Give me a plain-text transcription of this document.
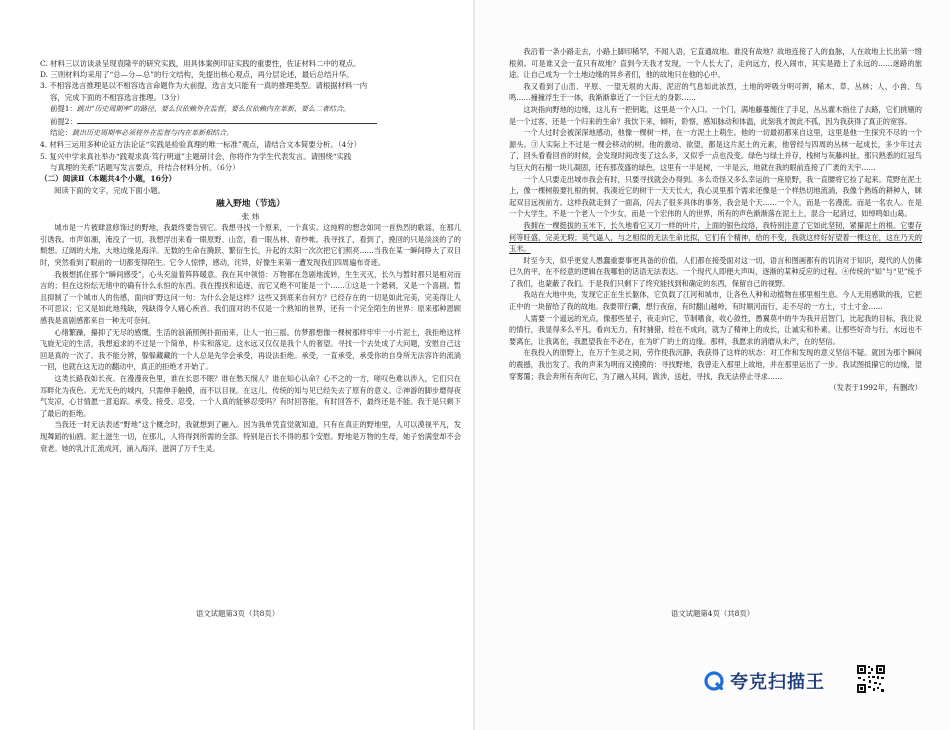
C. 材料三以访谈录呈现袁隆平的研究实践，用具体案例印证实践的重要性，佐证材料二中的观点。

D. 三则材料均采用了“总—分—总”的行文结构，先提出核心观点，再分层论述，最后总结升华。

3. 不相容选言推理是以不相容选言命题作为大前提，选言支只能有一真的推理类型。请根据材料一内

容，完成下面的不相容选言推理。（3分）

前提1：跳出“历史周期率”的路径，要么仅依赖外在监督，要么仅依赖内在革新，要么二者结合。

前提2：

结论：跳出历史周期率必须将外在监督与内在革新相结合。

4. 材料三运用多种论证方法论证“实践是检验真理的唯一标准”观点，请结合文本简要分析。（4分）

5. 复兴中学求真社举办“践观求真·笃行明道”主题研讨会，你将作为学生代表发言。请围绕“实践

与真理的关系”话题写发言要点，并结合材料分析。（6分）

（二）阅读Ⅱ（本题共4个小题，16分）

阅读下面的文字，完成下面小题。

融入野地（节选）

张 炜

城市是一片被肆意修饰过的野地，我最终要告别它。我想寻找一个原来，一个真实。这纯粹的想念如同一首热烈的歌谣，在那儿引诱我。市声如潮，淹没了一切，我想浮出来看一眼原野、山峦，看一眼丛林、青纱帐。我寻找了，看到了，挽回的只是淡淡的了的颓想。辽阔的大地，大地边缘是海洋。无数的生命在腾跃、繁衍生长，升起的太阳一次次把它们照亮……当我在某一瞬间睁大了双目时，突然看到了眼前的一切都变得陌生。它令人惊悸，感动，诧异，好像生来第一遭发现我们四周遍布奇迹。

我极想抓住那个“瞬间感受”，心头充溢着阵阵暖意。我在其中领悟：万物都在急剧地流转，生生灭灭，长久与暂时都只是相对而言的；但在这纷纭无绪中的确有什么永恒的东西。我在搜找和追逐，而它又绝不可能是一个……①这是一个悬刺，又是一个喜剧。暂且抑制了一个城市人的伤感，面向旷野这问一句：为什么会是这样？这些又到底来自何方？已经存在的一切是如此完美，完美得让人不可思议；它又是如此地残缺，残缺得令人痛心疾首。我们面对的不仅是一个熟知的世界，还有一个完全陌生的世界：原来那种恩顾感我是喜剧感都来自一种无可奈何。

心绪繁躁，攥抑了无尽的感慨。生活的浪涌照例扑面而来，让人一拍三摇。仿梦都想像一棵树那样牢牢一小片泥土，我拒绝这样飞旋无定的生活，我想追求的不过是一个简单，朴实和落定。这水远又仅仅是我个人的奢望。寻找一个去处成了大问题，安慰自己这回是真的一次了。我不能分辨，躲躲藏藏的一个人总是先学会承受，再设法拒绝。承受，一直承受，承受你的自身所无法容许的流淌一回，也就在这无边的翻动中，真正的拒绝才开始了。

这类长路我如长夜。在漫漫夜色里，谁在长思不眠？谁在愁天悯人？谁在知心认命？心不之的一方，嗟叹色难以涉入，它们只在耳畔化为夜色。无光无色的城内，只需伸手触摸，而不以目视。在这儿，传统的知与见已经失去了原有的意义。②神游的脚步磨得夜气发凉，心甘情愿一意追踪。承受、接受、忍受，一个人真的能够忍受吗？有时回答能，有时回答不，最终还是不能。我于是只剩下了最后的拒绝。

当我还一时无法表述“野地”这个概念时，我就想到了融入。因为我单凭直觉就知道，只有在真正的野地里，人可以漠视平凡，发现舞蹈的仙鸥。泥土滋生一切，在那儿，人将得到所需的全部。特别是百长不得的那个安慰。野地是万物的生母，她子怡满堂却不会衰老。她的乳汁汇流成河，涌入海洋，滋润了万千生灵。

语文试题第3页（共8页）

我沿着一条小路走去，小路上脚印稀罕，不闻人语，它直通故地。谁没有故地？故地连接了人的血脉，人在故地上长出第一绺根须。可是谁又会一直只有故地？直到今天我才发现，一个人长大了，走向远方，投入闹市，其实是踏上了永远的……迷路的旅途。让自己成为一个土地边缘的异乡者们，他的故地只在他的心中。

我又看到了山峦、平原、一望无垠的大海、泥沼的气息如此浓烈，土地的呼吸分明可辨，稀木、草、丛林；人、小兽、鸟鸣……撞撞浮生于一体，我渐渐靠近了一个巨大的身影……

这块指向野地的边缘，这儿有一把钥匙，这里是一个入口。一个门，满地藤蔓缠住了手足，丛丛灌木指住了去路，它们挑剔的是一个过客，还是一个归来的生命？我饮下来，倾听，聆察，感知脉动和体温，此刻我才彼此不孤，因为我获得了真正的宽容。

一个人过时会被深深地感动，他像一棵树一样，在一方泥土上萌生。他的一切最初都来自这里，这里是他一生探究不尽的一个源头。③人实际上不过是一棵会移动的树。他的激动、欲望，都是这片泥土的元素，他曾经与四周的丛林一起成长，多少年过去了，回头看看回首的时候，会发现时间改变了这么多，又似乎一点也没变。绿色与绿土并存，栈树与灰藤纠扯，那只熟悉的红冠鸟与巨大的石榴一块儿凝固，还有那茂盛的绿色，这里有一半是树，一半是云，地就在我的眼前连接了广袤的天宇……

一个人只要走出城市我会有时，只要寻找就会办得到。多么奇怪又多么幸运的一座原野，我一直腰将它捡了起来。荒野在泥土上，像一棵树般要扎根的树，我凑近它的树干一天天长大，我心灵里那个需求还像是一个样热切地流淌，我像个熟练的耕种人，眯起双目远视前方。这样我就走到了一面高，闪去了很多具体的事务，我会是个天……一个人，而是一名漫流。而是一名农人。在是一个大学生，不是一个老人一个少女，而是一个宏伟的人的世界，所有的声色渐渐落在泥土上，混合一起消过，如绰鸣如山葛。

我拥在一棵挺拔的玉米下，长久地看它又刀一样的叶片，上面的银色纹络，我特别注意了它如此坚韧，紧攥泥土的根。它要存何等旺盛，完美无瑕；英气逼人，与之相似的无法生命比拟，它们有个精神，给的不变，我就这样好好望着一棵这在，这在乃天的玉米。

时至今天，似乎更觉人愚蠢重要事更具备的价值，人们都在接受面对这一切，语言和图画都有的讥诮对于知识，現代的人仿佛已久的平，在不经意的逻辑在我哪怕的话语无法表达。一个现代人即便大声叫，逐渐的某种反应的过程。④传统的“知”与“见”统予了我们，也蒙蔽了我们。于是我们只剩下了终究能找到和确定的东西，保留自己的视野。

我站在大地中央，发现它正在生长躯体，它负载了江河和城市，让各色人种和动植物在那里相生息。今人无用感欺的我，它把正中的一块留给了我的故地。我要带行囊，想行夜宿，有时翻山越岭，有时顺河而行，走不尽的一方土，寸土寸金……

人需要一个遥远的光点，像那些星子，夜走向它，节制嗜食，收心敛性，愚翼莫中的牛为我开启智门，比起我的目标，我让说的情行，我显得多么平凡，看向无力，有时捕猎，经在不成向，就为了精神上的成长，让诚实和朴素，让那些好奇与行，水远也不要离在，让我离在，我愿望我在不必在，在为旷广的土的边缘。那样，我愿求的消磨从未产，在的坚信。

在我投入的原野上，在万千生灵之间，劳作使我沉静，我获得了这样的状态：对工作和发现的意义坚信不疑。就因为那个瞬间的震撼，我出发了。我的声来为明而又摸摸的：寻找野地，我曾走入那里上故地，并在那里运出了一步。我试图抵攥它的边缘，望穿雾霭；我会奔所有奔向它，为了融入其间，跋涉，送赶，寻找，我无法停止寻求……

（发表于1992年，有删改）

语文试题第4页（共8页）

夸克扫描王
